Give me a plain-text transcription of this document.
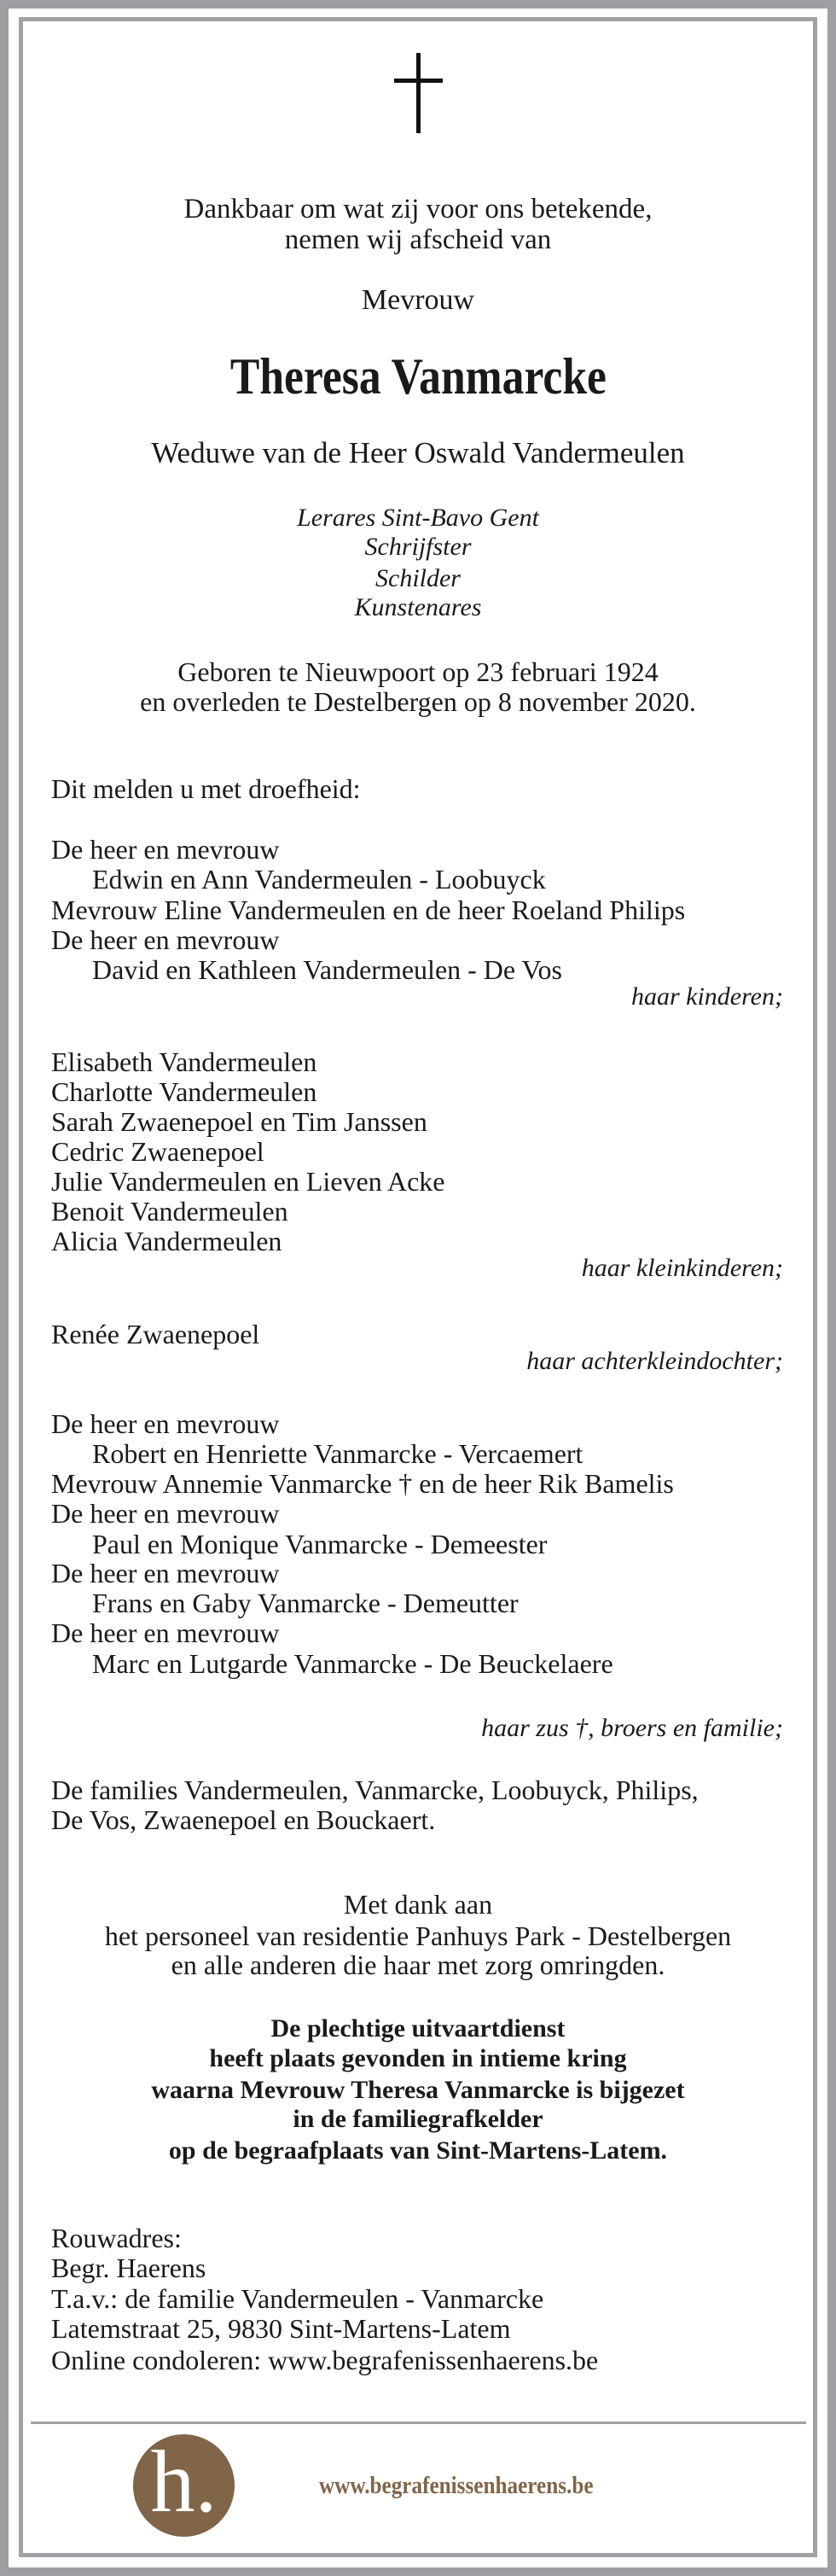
Dankbaar om wat zij voor ons betekende,
nemen wij afscheid van
Mevrouw
Theresa Vanmarcke
Weduwe van de Heer Oswald Vandermeulen
Lerares Sint-Bavo Gent
Schrijfster
Schilder
Kunstenares
Geboren te Nieuwpoort op 23 februari 1924
en overleden te Destelbergen op 8 november 2020.
Dit melden u met droefheid:
De heer en mevrouw
Edwin en Ann Vandermeulen - Loobuyck
Mevrouw Eline Vandermeulen en de heer Roeland Philips
De heer en mevrouw
David en Kathleen Vandermeulen - De Vos
haar kinderen;
Elisabeth Vandermeulen
Charlotte Vandermeulen
Sarah Zwaenepoel en Tim Janssen
Cedric Zwaenepoel
Julie Vandermeulen en Lieven Acke
Benoit Vandermeulen
Alicia Vandermeulen
haar kleinkinderen;
Renée Zwaenepoel
haar achterkleindochter;
De heer en mevrouw
Robert en Henriette Vanmarcke - Vercaemert
Mevrouw Annemie Vanmarcke † en de heer Rik Bamelis
De heer en mevrouw
Paul en Monique Vanmarcke - Demeester
De heer en mevrouw
Frans en Gaby Vanmarcke - Demeutter
De heer en mevrouw
Marc en Lutgarde Vanmarcke - De Beuckelaere
haar zus †, broers en familie;
De families Vandermeulen, Vanmarcke, Loobuyck, Philips,
De Vos, Zwaenepoel en Bouckaert.
Met dank aan
het personeel van residentie Panhuys Park - Destelbergen
en alle anderen die haar met zorg omringden.
De plechtige uitvaartdienst
heeft plaats gevonden in intieme kring
waarna Mevrouw Theresa Vanmarcke is bijgezet
in de familiegrafkelder
op de begraafplaats van Sint-Martens-Latem.
Rouwadres:
Begr. Haerens
T.a.v.: de familie Vandermeulen - Vanmarcke
Latemstraat 25, 9830 Sint-Martens-Latem
Online condoleren: www.begrafenissenhaerens.be
h.	www.begrafenissenhaerens.be
